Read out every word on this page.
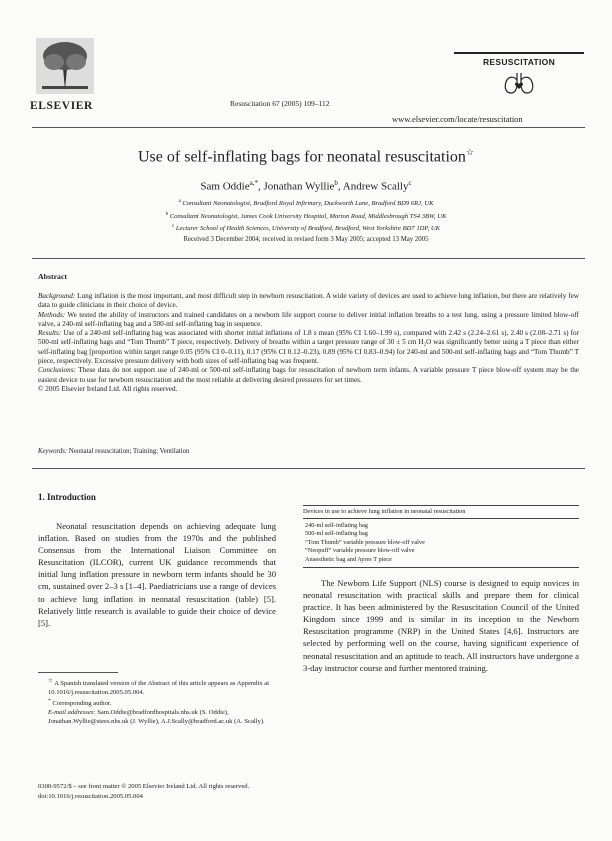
ELSEVIER	Resuscitation 67 (2005) 109–112
RESUSCITATION
www.elsevier.com/locate/resuscitation
Use of self-inflating bags for neonatal resuscitation☆
Sam Oddie$^{a,*}$, Jonathan Wyllie$^b$, Andrew Scally$^c$
$^a$ Consultant Neonatologist, Bradford Royal Infirmary, Duckworth Lane, Bradford BD9 6RJ, UK
$^b$ Consultant Neonatologist, James Cook University Hospital, Marton Road, Middlesbrough TS4 3BW, UK
$^c$ Lecturer School of Health Sciences, University of Bradford, Bradford, West Yorkshire BD7 1DP, UK
Received 3 December 2004; received in revised form 3 May 2005; accepted 13 May 2005
Abstract

Background: Lung inflation is the most important, and most difficult step in newborn resuscitation. A wide variety of devices are used to achieve lung inflation, but there are relatively few data to guide clinicians in their choice of device.

Methods: We tested the ability of instructors and trained candidates on a newborn life support course to deliver initial inflation breaths to a test lung, using a pressure limited blow-off valve, a 240-ml self-inflating bag and a 500-ml self-inflating bag in sequence.

Results: Use of a 240-ml self-inflating bag was associated with shorter initial inflations of 1.8 s mean (95% CI 1.60–1.99 s), compared with 2.42 s (2.24–2.61 s), 2.40 s (2.08–2.71 s) for 500-ml self-inflating bags and “Tom Thumb” T piece, respectively. Delivery of breaths within a target pressure range of 30 ± 5 cm H₂O was significantly better using a T piece than either self-inflating bag [proportion within target range 0.05 (95% CI 0–0.11), 0.17 (95% CI 0.12–0.23), 0.89 (95% CI 0.83–0.94) for 240-ml and 500-ml self-inflating bags and “Tom Thumb” T piece, respectively. Excessive pressure delivery with both sizes of self-inflating bag was frequent.

Conclusions: These data do not support use of 240-ml or 500-ml self-inflating bags for resuscitation of newborn term infants. A variable pressure T piece blow-off system may be the easiest device to use for newborn resuscitation and the most reliable at delivering desired pressures for set times.

© 2005 Elsevier Ireland Ltd. All rights reserved.

Keywords: Neonatal resuscitation; Training; Ventilation
1. Introduction
Neonatal resuscitation depends on achieving adequate lung inflation. Based on studies from the 1970s and the published Consensus from the International Liaison Committee on Resuscitation (ILCOR), current UK guidance recommends that initial lung inflation pressure in newborn term infants should be 30 cm, sustained over 2–3 s [1–4]. Paediatricians use a range of devices to achieve lung inflation in neonatal resuscitation (table) [5]. Relatively little research is available to guide their choice of device [5].
Devices in use to achieve lung inflation in neonatal resuscitation
240-ml self-inflating bag
500-ml self-inflating bag
“Tom Thumb” variable pressure blow-off valve
“Neopuff” variable pressure blow-off valve
Anaesthetic bag and Ayres T piece
The Newborn Life Support (NLS) course is designed to equip novices in neonatal resuscitation with practical skills and prepare them for clinical practice. It has been administered by the Resuscitation Council of the United Kingdom since 1999 and is similar in its inception to the Newborn Resuscitation programme (NRP) in the United States [4,6]. Instructors are selected by performing well on the course, having significant experience of neonatal resuscitation and an aptitude to teach. All instructors have undergone a 3-day instructor course and further mentored training.

☆ A Spanish translated version of the Abstract of this article appears as Appendix at 10.1016/j.resuscitation.2005.05.004.

* Corresponding author.

E-mail addresses: Sam.Oddie@bradfordhospitals.nhs.uk (S. Oddie), Jonathan.Wyllie@stees.nhs.uk (J. Wyllie), A.J.Scally@bradford.ac.uk (A. Scally).

0300-9572/$ – see front matter © 2005 Elsevier Ireland Ltd. All rights reserved.
doi:10.1016/j.resuscitation.2005.05.004
